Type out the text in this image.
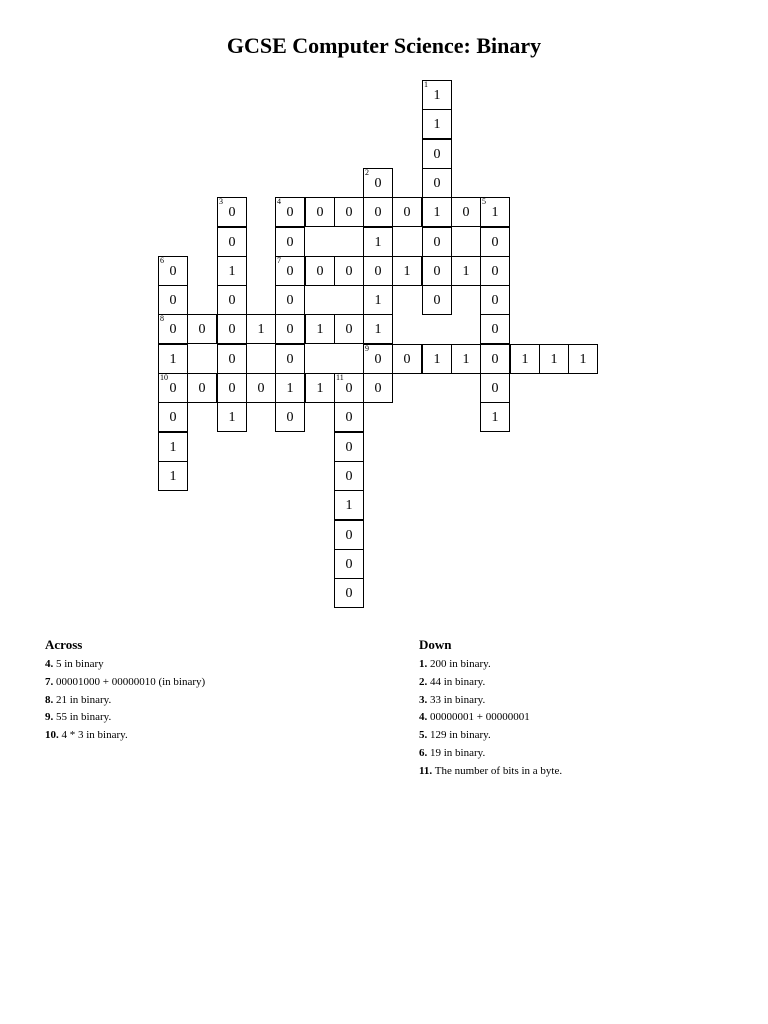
GCSE Computer Science: Binary
1
1
1
0
0
1
0
0
0
2
0
0
1
0
1
1
9
0
0
3
0
0
1
0
0
0
0
1
4
0	0	0	0	0
5
1
0
7
0
0
0
0
1
0
0
0
0
0
0
0
1
6
0
0
8
0
1
10
0
0
1
1
0	0	1	1
0	1	1	0
0	1	1	1	1	1
0	0	1
11
0
0
0
0
1
0
0
0
Across
4. 5 in binary
7. 00001000 + 00000010 (in binary)
8. 21 in binary.
9. 55 in binary.
10. 4 * 3 in binary.
Down
1. 200 in binary.
2. 44 in binary.
3. 33 in binary.
4. 00000001 + 00000001
5. 129 in binary.
6. 19 in binary.
11. The number of bits in a byte.
